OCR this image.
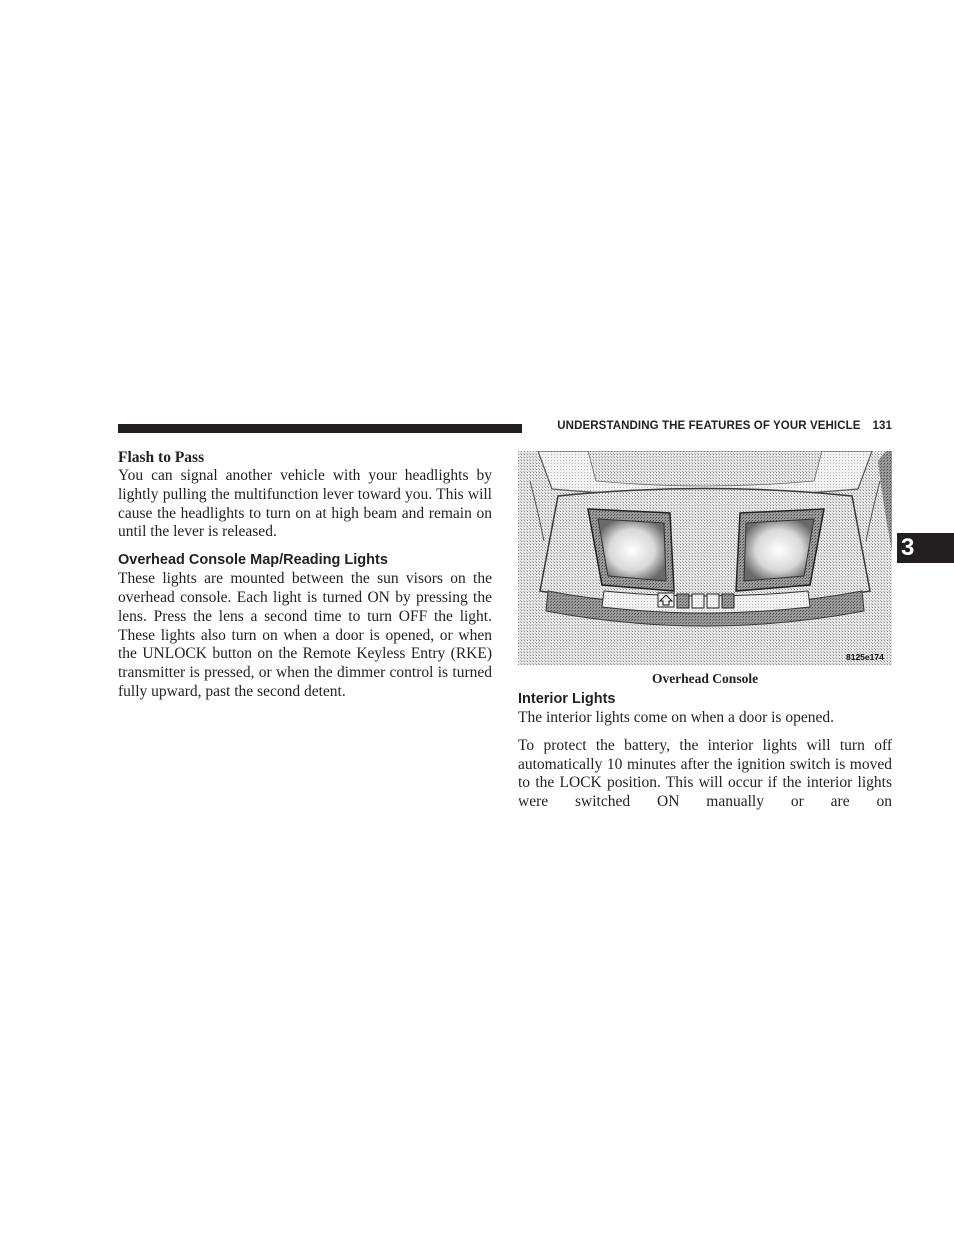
UNDERSTANDING THE FEATURES OF YOUR VEHICLE 131
3
Flash to Pass

You can signal another vehicle with your headlights by lightly pulling the multifunction lever toward you. This will cause the headlights to turn on at high beam and remain on until the lever is released.

Overhead Console Map/Reading Lights

These lights are mounted between the sun visors on the overhead console. Each light is turned ON by pressing the lens. Press the lens a second time to turn OFF the light. These lights also turn on when a door is opened, or when the UNLOCK button on the Remote Keyless Entry (RKE) transmitter is pressed, or when the dimmer control is turned fully upward, past the second detent.

8125e174
Overhead Console
Interior Lights

The interior lights come on when a door is opened.

To protect the battery, the interior lights will turn off automatically 10 minutes after the ignition switch is moved to the LOCK position. This will occur if the interior lights were switched ON manually or are on
